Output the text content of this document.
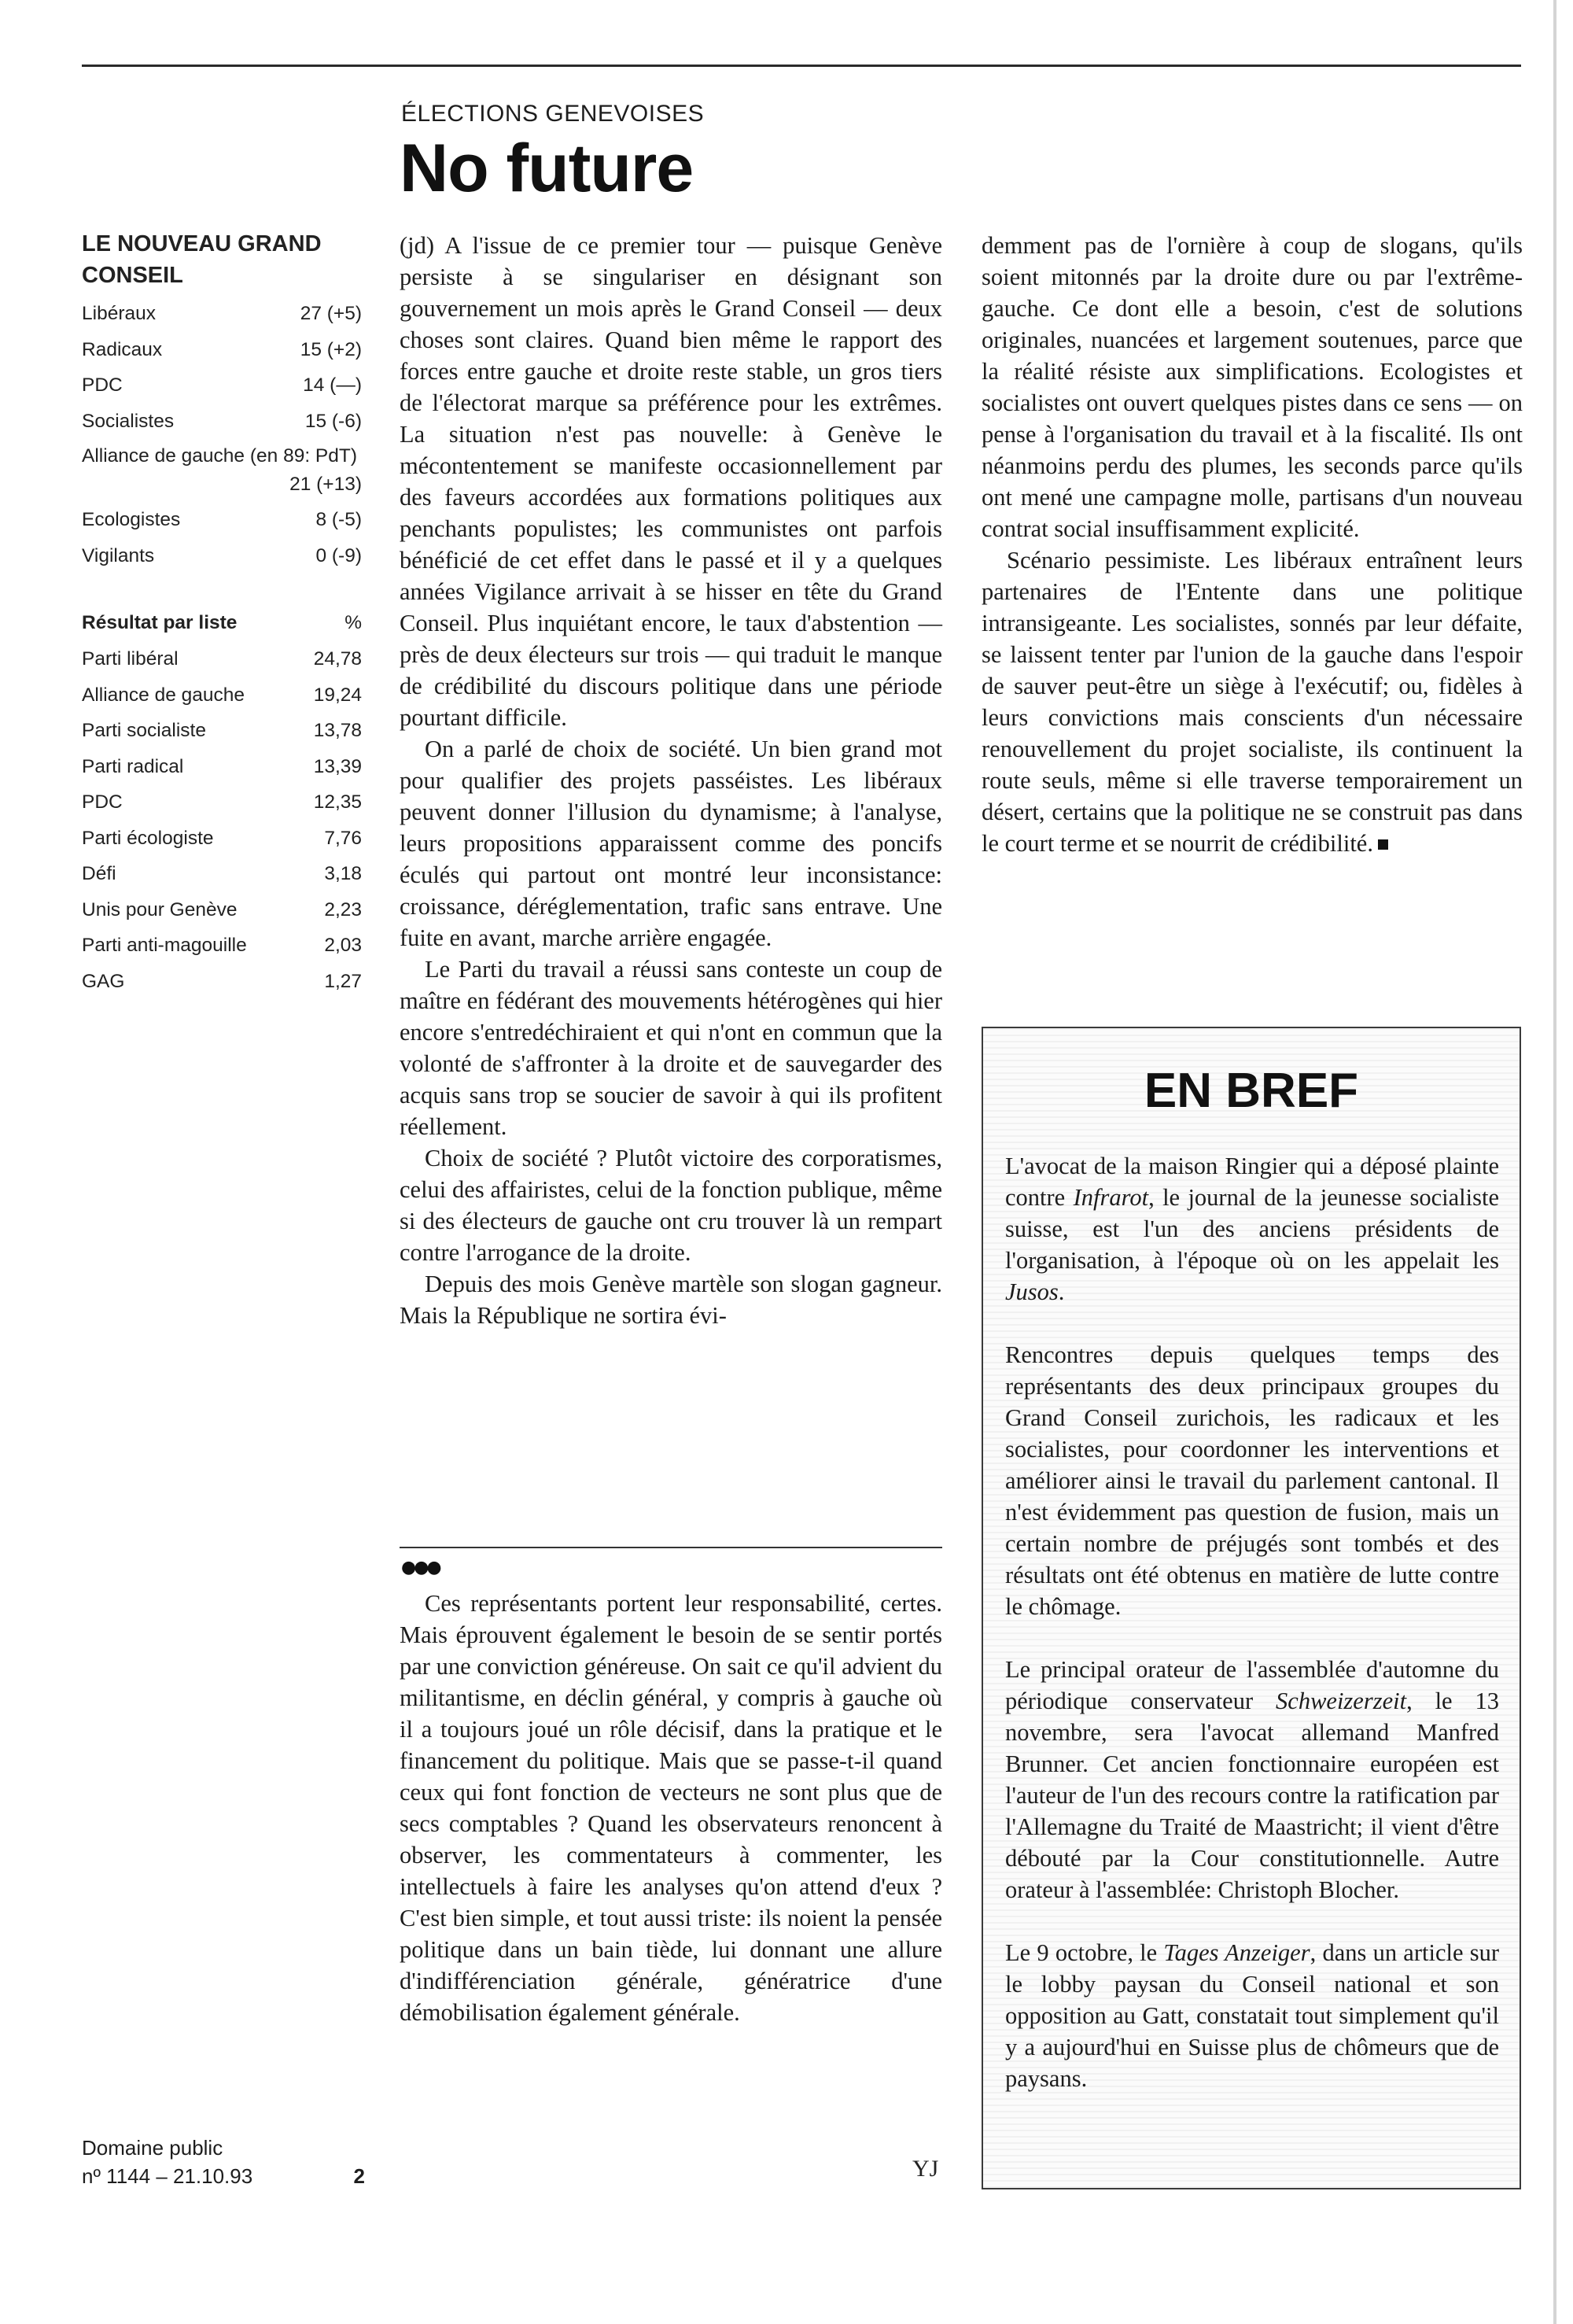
ÉLECTIONS GENEVOISES
No future
LE NOUVEAU GRAND CONSEIL
Libéraux	27 (+5)
Radicaux	15 (+2)
PDC	14 (—)
Socialistes	15 (-6)
Alliance de gauche (en 89: PdT)
21 (+13)
Ecologistes	8 (-5)
Vigilants	0 (-9)
Résultat par liste	%
Parti libéral	24,78
Alliance de gauche	19,24
Parti socialiste	13,78
Parti radical	13,39
PDC	12,35
Parti écologiste	7,76
Défi	3,18
Unis pour Genève	2,23
Parti anti-magouille	2,03
GAG	1,27
Domaine public
nº 1144 – 21.10.93	2

(jd) A l'issue de ce premier tour — puisque Genève persiste à se singulariser en désignant son gouvernement un mois après le Grand Conseil — deux choses sont claires. Quand bien même le rapport des forces entre gauche et droite reste stable, un gros tiers de l'électorat marque sa préférence pour les extrêmes. La situation n'est pas nouvelle: à Genève le mécontentement se manifeste occasionnellement par des faveurs accordées aux formations politiques aux penchants populistes; les communistes ont parfois bénéficié de cet effet dans le passé et il y a quelques années Vigilance arrivait à se hisser en tête du Grand Conseil. Plus inquiétant encore, le taux d'abstention — près de deux électeurs sur trois — qui traduit le manque de crédibilité du discours politique dans une période pourtant difficile.

On a parlé de choix de société. Un bien grand mot pour qualifier des projets passéistes. Les libéraux peuvent donner l'illusion du dynamisme; à l'analyse, leurs propositions apparaissent comme des poncifs éculés qui partout ont montré leur inconsistance: croissance, déréglementation, trafic sans entrave. Une fuite en avant, marche arrière engagée.

Le Parti du travail a réussi sans conteste un coup de maître en fédérant des mouvements hétérogènes qui hier encore s'entredéchiraient et qui n'ont en commun que la volonté de s'affronter à la droite et de sauvegarder des acquis sans trop se soucier de savoir à qui ils profitent réellement.

Choix de société ? Plutôt victoire des corporatismes, celui des affairistes, celui de la fonction publique, même si des électeurs de gauche ont cru trouver là un rempart contre l'arrogance de la droite.

Depuis des mois Genève martèle son slogan gagneur. Mais la République ne sortira évi-

demment pas de l'ornière à coup de slogans, qu'ils soient mitonnés par la droite dure ou par l'extrême-gauche. Ce dont elle a besoin, c'est de solutions originales, nuancées et largement soutenues, parce que la réalité résiste aux simplifications. Ecologistes et socialistes ont ouvert quelques pistes dans ce sens — on pense à l'organisation du travail et à la fiscalité. Ils ont néanmoins perdu des plumes, les seconds parce qu'ils ont mené une campagne molle, partisans d'un nouveau contrat social insuffisamment explicité.

Scénario pessimiste. Les libéraux entraînent leurs partenaires de l'Entente dans une politique intransigeante. Les socialistes, sonnés par leur défaite, se laissent tenter par l'union de la gauche dans l'espoir de sauver peut-être un siège à l'exécutif; ou, fidèles à leurs convictions mais conscients d'un nécessaire renouvellement du projet socialiste, ils continuent la route seuls, même si elle traverse temporairement un désert, certains que la politique ne se construit pas dans le court terme et se nourrit de crédibilité.

●●●

Ces représentants portent leur responsabilité, certes. Mais éprouvent également le besoin de se sentir portés par une conviction généreuse. On sait ce qu'il advient du militantisme, en déclin général, y compris à gauche où il a toujours joué un rôle décisif, dans la pratique et le financement du politique. Mais que se passe-t-il quand ceux qui font fonction de vecteurs ne sont plus que de secs comptables ? Quand les observateurs renoncent à observer, les commentateurs à commenter, les intellectuels à faire les analyses qu'on attend d'eux ? C'est bien simple, et tout aussi triste: ils noient la pensée politique dans un bain tiède, lui donnant une allure d'indifférenciation générale, génératrice d'une démobilisation également générale.

YJ
EN BREF

L'avocat de la maison Ringier qui a déposé plainte contre Infrarot, le journal de la jeunesse socialiste suisse, est l'un des anciens présidents de l'organisation, à l'époque où on les appelait les Jusos.

Rencontres depuis quelques temps des représentants des deux principaux groupes du Grand Conseil zurichois, les radicaux et les socialistes, pour coordonner les interventions et améliorer ainsi le travail du parlement cantonal. Il n'est évidemment pas question de fusion, mais un certain nombre de préjugés sont tombés et des résultats ont été obtenus en matière de lutte contre le chômage.

Le principal orateur de l'assemblée d'automne du périodique conservateur Schweizerzeit, le 13 novembre, sera l'avocat allemand Manfred Brunner. Cet ancien fonctionnaire européen est l'auteur de l'un des recours contre la ratification par l'Allemagne du Traité de Maastricht; il vient d'être débouté par la Cour constitutionnelle. Autre orateur à l'assemblée: Christoph Blocher.

Le 9 octobre, le Tages Anzeiger, dans un article sur le lobby paysan du Conseil national et son opposition au Gatt, constatait tout simplement qu'il y a aujourd'hui en Suisse plus de chômeurs que de paysans.
